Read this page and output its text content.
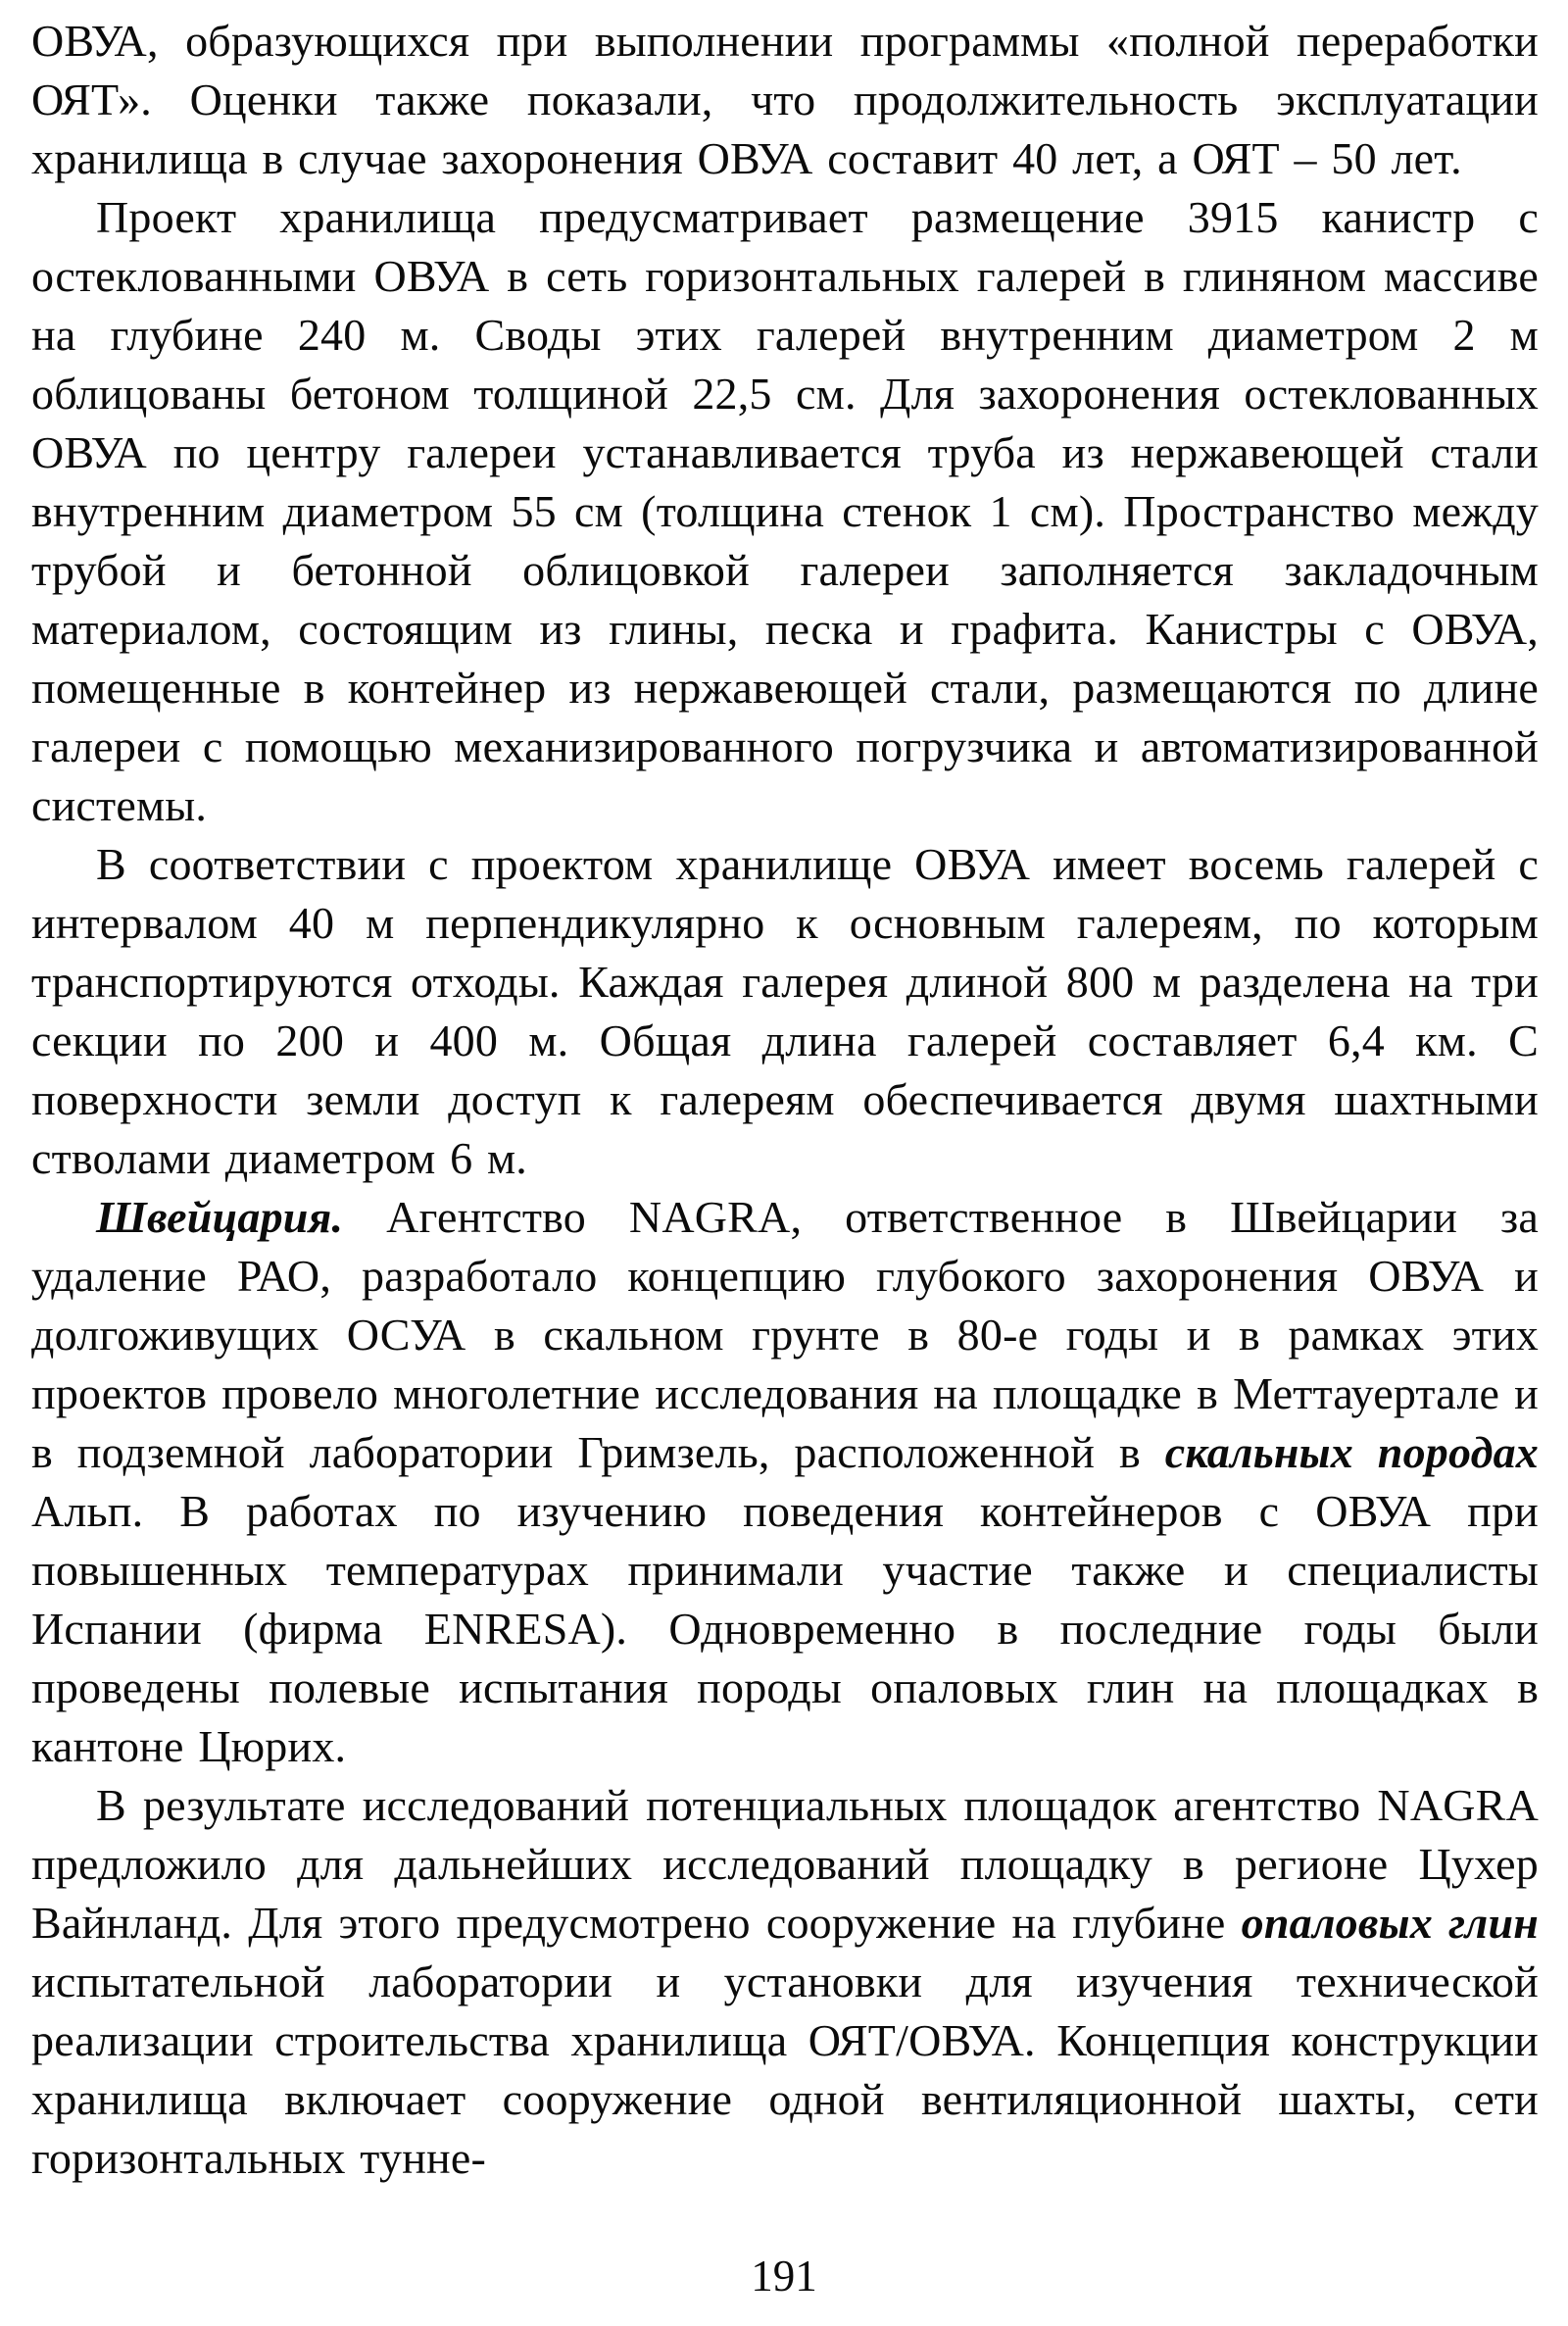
ОВУА, образующихся при выполнении программы «полной переработки ОЯТ». Оценки также показали, что продолжительность эксплуатации хранилища в случае захоронения ОВУА составит 40 лет, а ОЯТ – 50 лет.

Проект хранилища предусматривает размещение 3915 канистр с остеклованными ОВУА в сеть горизонтальных галерей в глиняном массиве на глубине 240 м. Своды этих галерей внутренним диаметром 2 м облицованы бетоном толщиной 22,5 см. Для захоронения остеклованных ОВУА по центру галереи устанавливается труба из нержавеющей стали внутренним диаметром 55 см (толщина стенок 1 см). Пространство между трубой и бетонной облицовкой галереи заполняется закладочным материалом, состоящим из глины, песка и графита. Канистры с ОВУА, помещенные в контейнер из нержавеющей стали, размещаются по длине галереи с помощью механизированного погрузчика и автоматизированной системы.

В соответствии с проектом хранилище ОВУА имеет восемь галерей с интервалом 40 м перпендикулярно к основным галереям, по которым транспортируются отходы. Каждая галерея длиной 800 м разделена на три секции по 200 и 400 м. Общая длина галерей составляет 6,4 км. С поверхности земли доступ к галереям обеспечивается двумя шахтными стволами диаметром 6 м.

Швейцария. Агентство NAGRA, ответственное в Швейцарии за удаление РАО, разработало концепцию глубокого захоронения ОВУА и долгоживущих ОСУА в скальном грунте в 80-е годы и в рамках этих проектов провело многолетние исследования на площадке в Меттауертале и в подземной лаборатории Гримзель, расположенной в скальных породах Альп. В работах по изучению поведения контейнеров с ОВУА при повышенных температурах принимали участие также и специалисты Испании (фирма ENRESA). Одновременно в последние годы были проведены полевые испытания породы опаловых глин на площадках в кантоне Цюрих.

В результате исследований потенциальных площадок агентство NAGRA предложило для дальнейших исследований площадку в регионе Цухер Вайнланд. Для этого предусмотрено сооружение на глубине опаловых глин испытательной лаборатории и установки для изучения технической реализации строительства хранилища ОЯТ/ОВУА. Концепция конструкции хранилища включает сооружение одной вентиляционной шахты, сети горизонтальных тунне-

191
